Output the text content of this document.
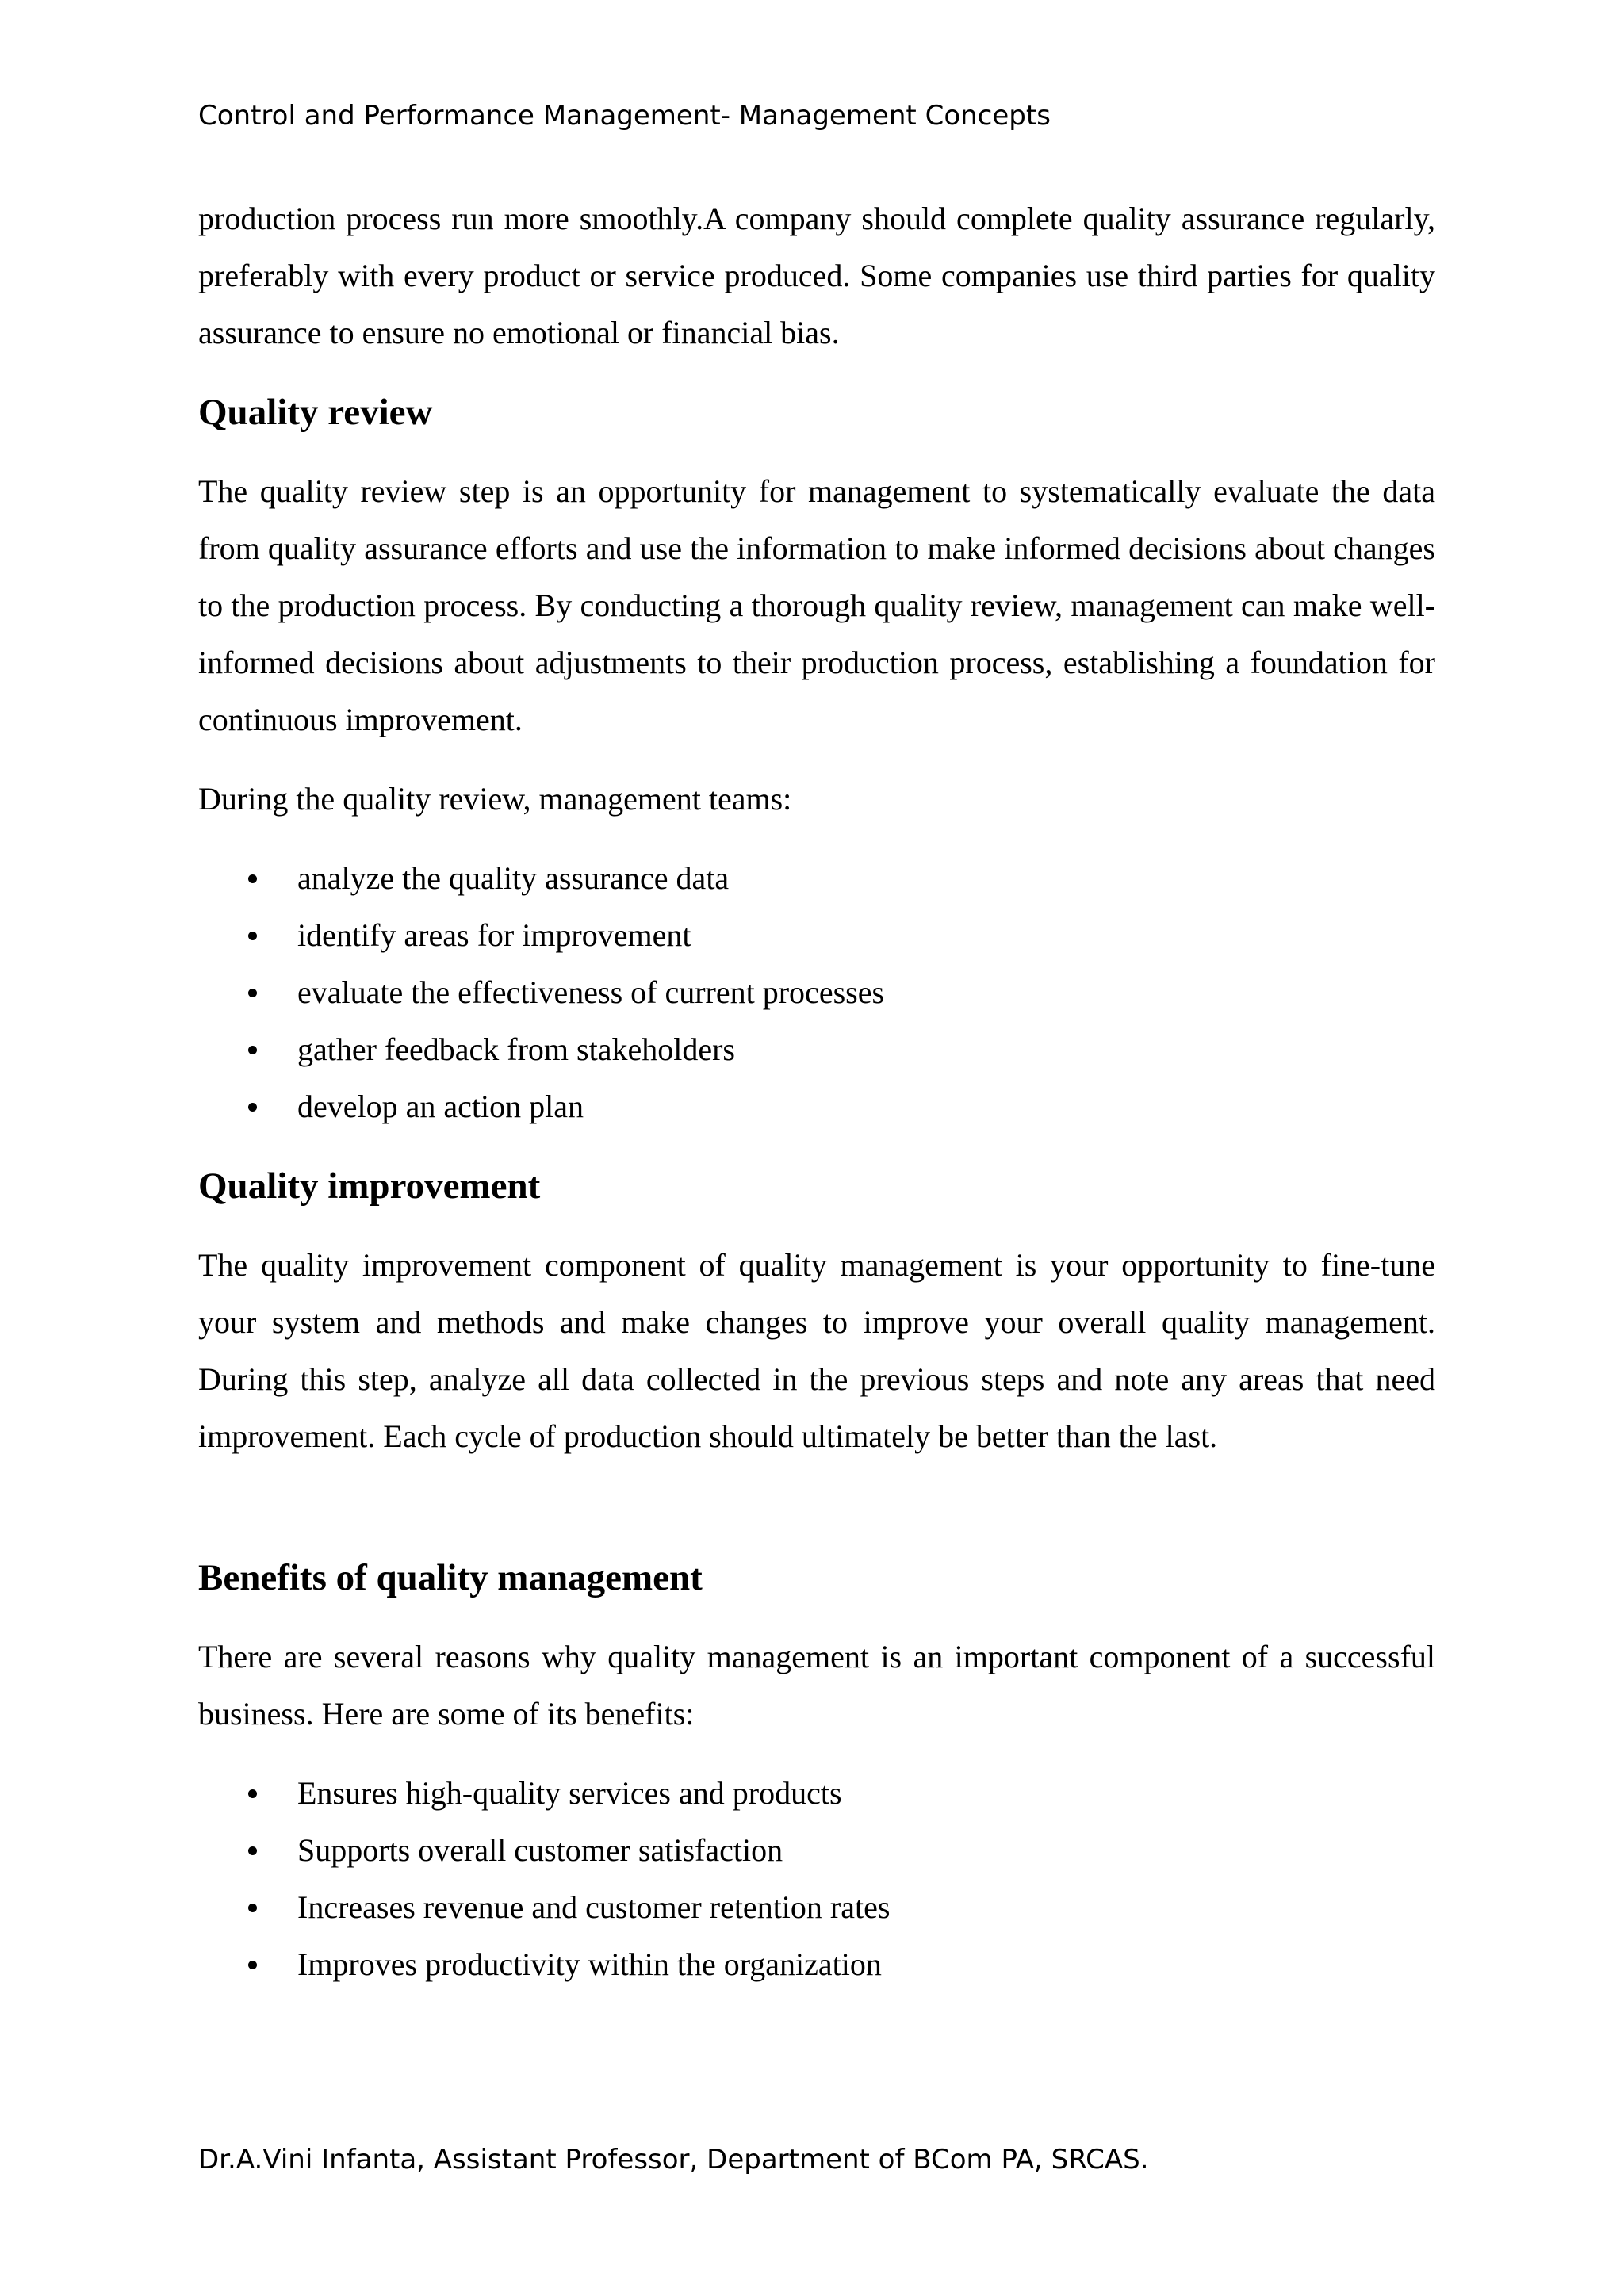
Control and Performance Management- Management Concepts

production process run more smoothly.A company should complete quality assurance regularly, preferably with every product or service produced. Some companies use third parties for quality assurance to ensure no emotional or financial bias.

Quality review

The quality review step is an opportunity for management to systematically evaluate the data from quality assurance efforts and use the information to make informed decisions about changes to the production process. By conducting a thorough quality review, management can make well-informed decisions about adjustments to their production process, establishing a foundation for continuous improvement.

During the quality review, management teams:

analyze the quality assurance data
identify areas for improvement
evaluate the effectiveness of current processes
gather feedback from stakeholders
develop an action plan
Quality improvement

The quality improvement component of quality management is your opportunity to fine-tune your system and methods and make changes to improve your overall quality management. During this step, analyze all data collected in the previous steps and note any areas that need improvement. Each cycle of production should ultimately be better than the last.

Benefits of quality management

There are several reasons why quality management is an important component of a successful business. Here are some of its benefits:

Ensures high-quality services and products
Supports overall customer satisfaction
Increases revenue and customer retention rates
Improves productivity within the organization
Dr.A.Vini Infanta, Assistant Professor, Department of BCom PA, SRCAS.
